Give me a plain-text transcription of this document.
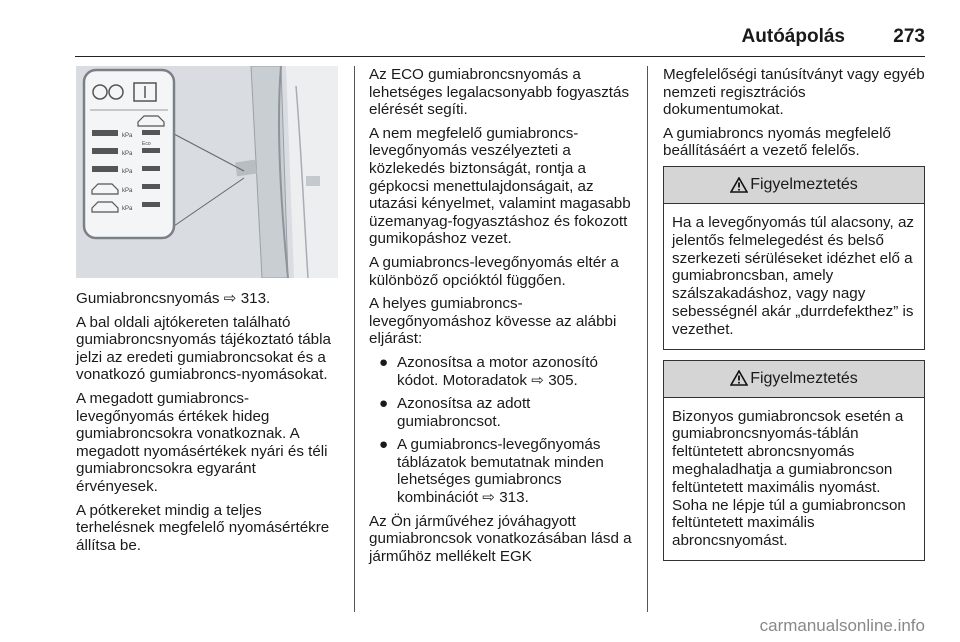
Autóápolás	273
kPa
kPa
Eco
kPa
kPa
kPa

Gumiabroncsnyomás ⇨ 313.

A bal oldali ajtókereten található gumiabroncsnyomás tájékoztató tábla jelzi az eredeti gumiabroncsokat és a vonatkozó gumiabroncs-nyomásokat.

A megadott gumiabroncs-levegőnyomás értékek hideg gumiabroncsokra vonatkoznak. A megadott nyomásértékek nyári és téli gumiabroncsokra egyaránt érvényesek.

A pótkereket mindig a teljes terhelésnek megfelelő nyomásértékre állítsa be.

Az ECO gumiabroncsnyomás a lehetséges legalacsonyabb fogyasztás elérését segíti.

A nem megfelelő gumiabroncs-levegőnyomás veszélyezteti a közlekedés biztonságát, rontja a gépkocsi menettulajdonságait, az utazási kényelmet, valamint magasabb üzemanyag-fogyasztáshoz és fokozott gumikopáshoz vezet.

A gumiabroncs-levegőnyomás eltér a különböző opcióktól függően.

A helyes gumiabroncs-levegőnyomáshoz kövesse az alábbi eljárást:

● Azonosítsa a motor azonosító kódot. Motoradatok ⇨ 305.
● Azonosítsa az adott gumiabroncsot.
● A gumiabroncs-levegőnyomás táblázatok bemutatnak minden lehetséges gumiabroncs kombinációt ⇨ 313.

Az Ön járművéhez jóváhagyott gumiabroncsok vonatkozásában lásd a járműhöz mellékelt EGK

Megfelelőségi tanúsítványt vagy egyéb nemzeti regisztrációs dokumentumokat.

A gumiabroncs nyomás megfelelő beállításáért a vezető felelős.

Figyelmeztetés
Ha a levegőnyomás túl alacsony, az jelentős felmelegedést és belső szerkezeti sérüléseket idézhet elő a gumiabroncsban, amely szálszakadáshoz, vagy nagy sebességnél akár „durrdefekthez” is vezethet.
Figyelmeztetés
Bizonyos gumiabroncsok esetén a gumiabroncsnyomás-táblán feltüntetett abroncsnyomás meghaladhatja a gumiabroncson feltüntetett maximális nyomást. Soha ne lépje túl a gumiabroncson feltüntetett maximális abroncsnyomást.
carmanualsonline.info
